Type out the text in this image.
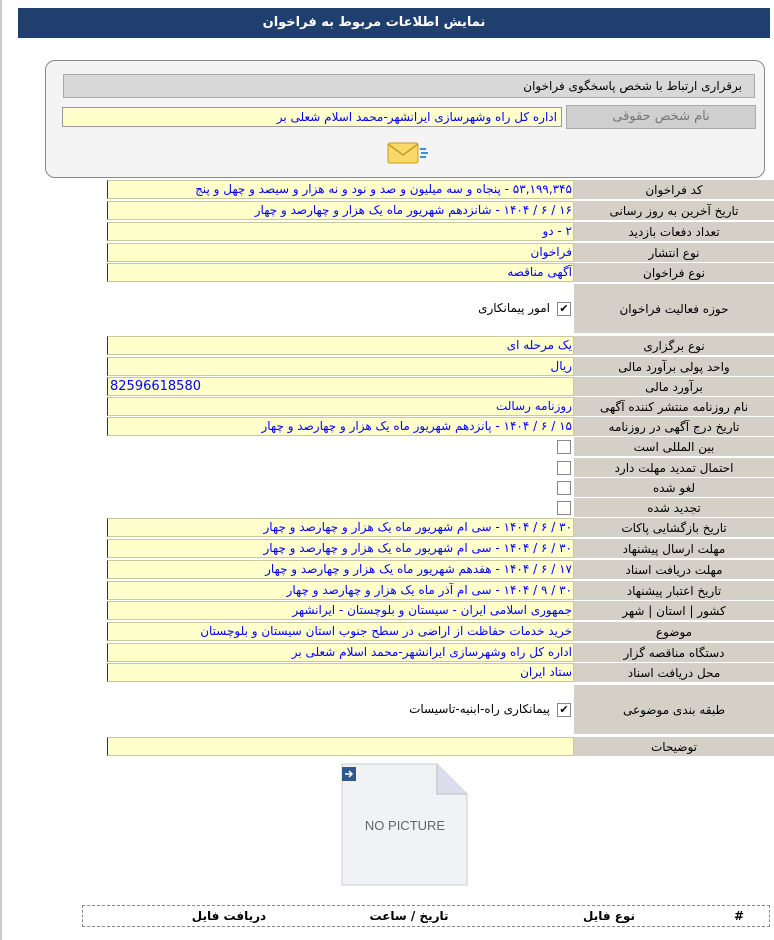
نمایش اطلاعات مربوط به فراخوان
برقراری ارتباط با شخص پاسخگوی فراخوان
نام شخص حقوقی
اداره کل راه وشهرسازی ایرانشهر-محمد اسلام شعلی بر
کد فراخوان
۵۳,۱۹۹,۳۴۵ - پنجاه و سه میلیون و صد و نود و نه هزار و سیصد و چهل و پنج
تاریخ آخرین به روز رسانی
۱۶ / ۶ / ۱۴۰۴ - شانزدهم شهریور ماه یک هزار و چهارصد و چهار
تعداد دفعات بازدید
۲ - دو
نوع انتشار
فراخوان
نوع فراخوان
آگهی مناقصه
حوزه فعالیت فراخوان
✔
امور پیمانکاری
نوع برگزاری
یک مرحله ای
واحد پولی برآورد مالی
ریال
برآورد مالی
82596618580
نام روزنامه منتشر کننده آگهی
روزنامه رسالت
تاریخ درج آگهی در روزنامه
۱۵ / ۶ / ۱۴۰۴ - پانزدهم شهریور ماه یک هزار و چهارصد و چهار
بین المللی است
احتمال تمدید مهلت دارد
لغو شده
تجدید شده
تاریخ بازگشایی پاکات
۳۰ / ۶ / ۱۴۰۴ - سی ام شهریور ماه یک هزار و چهارصد و چهار
مهلت ارسال پیشنهاد
۳۰ / ۶ / ۱۴۰۴ - سی ام شهریور ماه یک هزار و چهارصد و چهار
مهلت دریافت اسناد
۱۷ / ۶ / ۱۴۰۴ - هفدهم شهریور ماه یک هزار و چهارصد و چهار
تاریخ اعتبار پیشنهاد
۳۰ / ۹ / ۱۴۰۴ - سی ام آذر ماه یک هزار و چهارصد و چهار
کشور | استان | شهر
جمهوری اسلامی ایران - سیستان و بلوچستان - ایرانشهر
موضوع
خرید خدمات حفاظت از اراضی در سطح جنوب استان سیستان و بلوچستان
دستگاه مناقصه گزار
اداره کل راه وشهرسازی ایرانشهر-محمد اسلام شعلی بر
محل دریافت اسناد
ستاد ایران
طبقه بندی موضوعی
✔
پیمانکاری راه-ابنیه-تاسیسات
توضیحات
NO PICTURE
#
نوع فایل
تاریخ / ساعت
دریافت فایل
